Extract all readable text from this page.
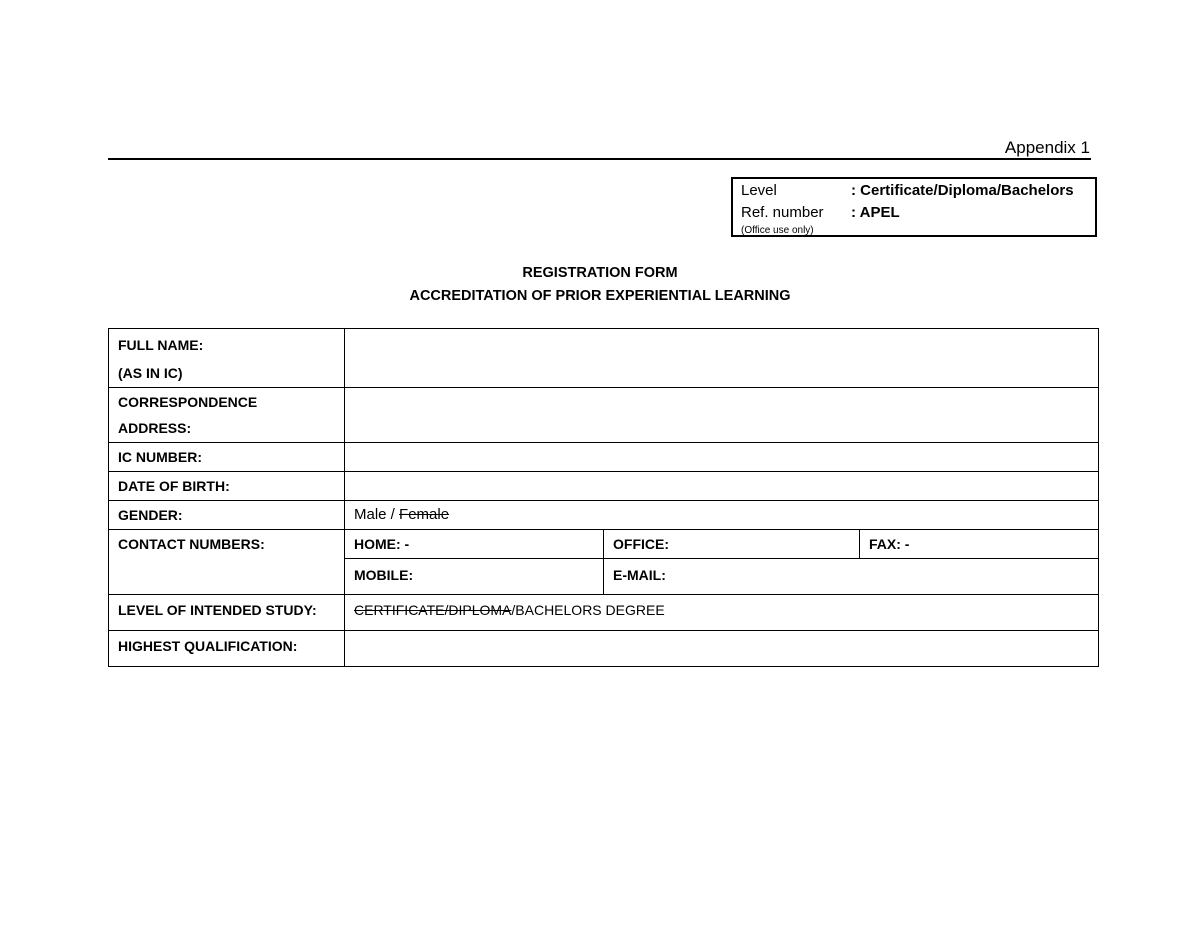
Appendix 1
Level	: Certificate/Diploma/Bachelors
Ref. number : APEL
(Office use only)
REGISTRATION FORM
ACCREDITATION OF PRIOR EXPERIENTIAL LEARNING
FULL NAME:
(AS IN IC)			

CORRESPONDENCE
ADDRESS:			

IC NUMBER:			
DATE OF BIRTH:			
GENDER:	Male / Female		
CONTACT NUMBERS:	HOME: -	OFFICE:	FAX: -
	MOBILE:	E-MAIL:	
LEVEL OF INTENDED STUDY:	CERTIFICATE/DIPLOMA/BACHELORS DEGREE		
HIGHEST QUALIFICATION:			
